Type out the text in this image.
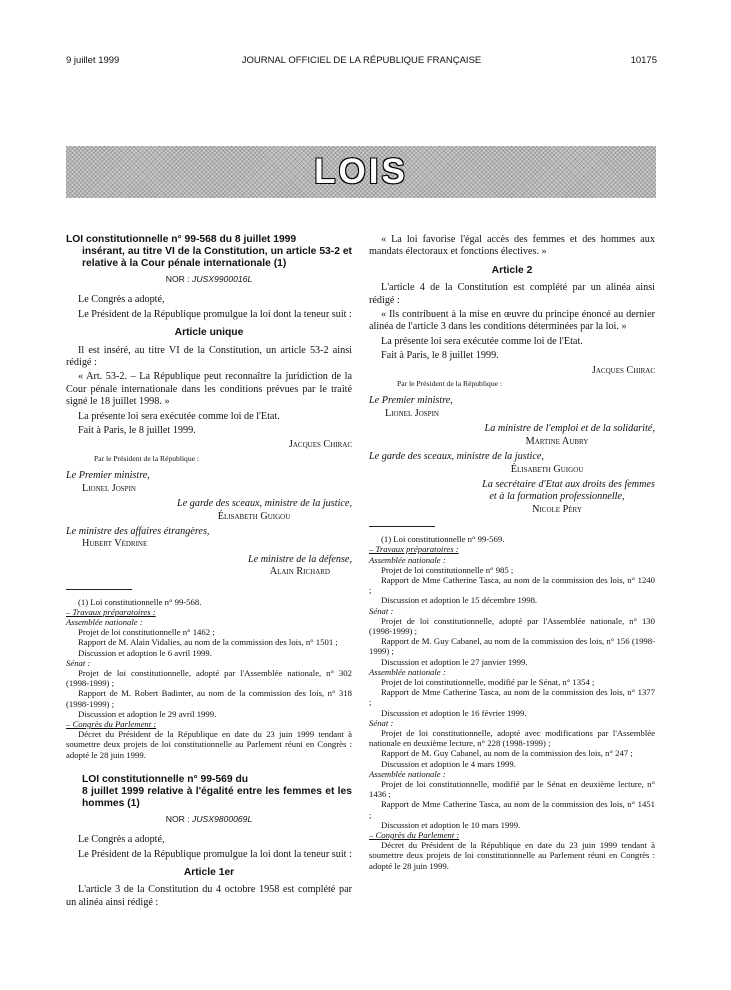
JOURNAL OFFICIEL DE LA RÉPUBLIQUE FRANÇAISE
9 juillet 1999	10175
LOIS
LOI constitutionnelle n° 99-568 du 8 juillet 1999
insérant, au titre VI de la Constitution, un article 53-2 et relative à la Cour pénale internationale (1)
NOR : JUSX9900016L

Le Congrès a adopté,

Le Président de la République promulgue la loi dont la teneur suit :

Article unique

Il est inséré, au titre VI de la Constitution, un article 53-2 ainsi rédigé :

« Art. 53-2. – La République peut reconnaître la juridiction de la Cour pénale internationale dans les conditions prévues par le traité signé le 18 juillet 1998. »

La présente loi sera exécutée comme loi de l'Etat.

Fait à Paris, le 8 juillet 1999.

Jacques Chirac

Par le Président de la République :

Le Premier ministre,

Lionel Jospin

Le garde des sceaux, ministre de la justice,

Élisabeth Guigou

Le ministre des affaires étrangères,

Hubert Védrine

Le ministre de la défense,

Alain Richard

(1) Loi constitutionnelle n° 99-568.

– Travaux préparatoires :

Assemblée nationale :

Projet de loi constitutionnelle n° 1462 ;

Rapport de M. Alain Vidalies, au nom de la commission des lois, n° 1501 ;

Discussion et adoption le 6 avril 1999.

Sénat :

Projet de loi constitutionnelle, adopté par l'Assemblée nationale, n° 302 (1998-1999) ;

Rapport de M. Robert Badinter, au nom de la commission des lois, n° 318 (1998-1999) ;

Discussion et adoption le 29 avril 1999.

– Congrès du Parlement :

Décret du Président de la République en date du 23 juin 1999 tendant à soumettre deux projets de loi constitutionnelle au Parlement réuni en Congrès : adopté le 28 juin 1999.

LOI constitutionnelle n° 99-569 du
8 juillet 1999 relative à l'égalité entre les femmes et les hommes (1)
NOR : JUSX9800069L

Le Congrès a adopté,

Le Président de la République promulgue la loi dont la teneur suit :

Article 1er

L'article 3 de la Constitution du 4 octobre 1958 est complété par un alinéa ainsi rédigé :

« La loi favorise l'égal accès des femmes et des hommes aux mandats électoraux et fonctions électives. »

Article 2

L'article 4 de la Constitution est complété par un alinéa ainsi rédigé :

« Ils contribuent à la mise en œuvre du principe énoncé au dernier alinéa de l'article 3 dans les conditions déterminées par la loi. »

La présente loi sera exécutée comme loi de l'Etat.

Fait à Paris, le 8 juillet 1999.

Jacques Chirac

Par le Président de la République :

Le Premier ministre,

Lionel Jospin

La ministre de l'emploi et de la solidarité,

Martine Aubry

Le garde des sceaux, ministre de la justice,

Élisabeth Guigou

La secrétaire d'Etat aux droits des femmes

et à la formation professionnelle,

Nicole Péry

(1) Loi constitutionnelle n° 99-569.

– Travaux préparatoires :

Assemblée nationale :

Projet de loi constitutionnelle n° 985 ;

Rapport de Mme Catherine Tasca, au nom de la commission des lois, n° 1240 ;

Discussion et adoption le 15 décembre 1998.

Sénat :

Projet de loi constitutionnelle, adopté par l'Assemblée nationale, n° 130 (1998-1999) ;

Rapport de M. Guy Cabanel, au nom de la commission des lois, n° 156 (1998-1999) ;

Discussion et adoption le 27 janvier 1999.

Assemblée nationale :

Projet de loi constitutionnelle, modifié par le Sénat, n° 1354 ;

Rapport de Mme Catherine Tasca, au nom de la commission des lois, n° 1377 ;

Discussion et adoption le 16 février 1999.

Sénat :

Projet de loi constitutionnelle, adopté avec modifications par l'Assemblée nationale en deuxième lecture, n° 228 (1998-1999) ;

Rapport de M. Guy Cabanel, au nom de la commission des lois, n° 247 ;

Discussion et adoption le 4 mars 1999.

Assemblée nationale :

Projet de loi constitutionnelle, modifié par le Sénat en deuxième lecture, n° 1436 ;

Rapport de Mme Catherine Tasca, au nom de la commission des lois, n° 1451 ;

Discussion et adoption le 10 mars 1999.

– Congrès du Parlement :

Décret du Président de la République en date du 23 juin 1999 tendant à soumettre deux projets de loi constitutionnelle au Parlement réuni en Congrès : adopté le 28 juin 1999.
